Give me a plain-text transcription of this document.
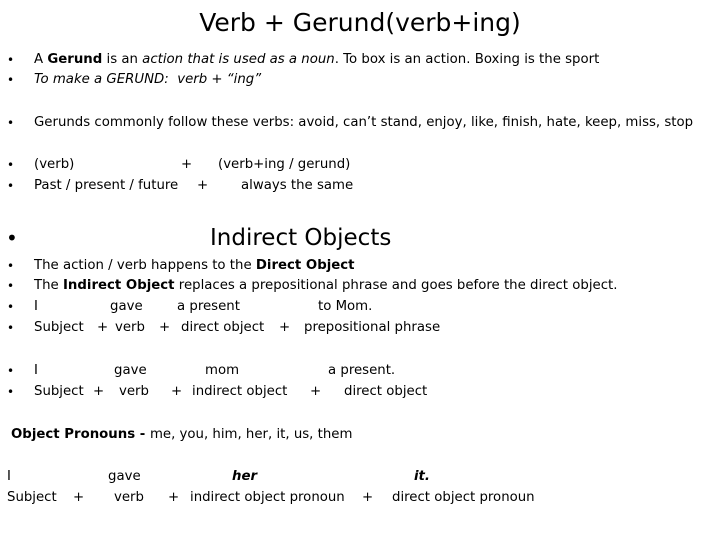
Verb + Gerund(verb+ing)
•
•
•
•
•
•
•
•
•
•
•
•
A Gerund is an action that is used as a noun. To box is an action. Boxing is the sport
To make a GERUND:  verb + “ing”
Gerunds commonly follow these verbs: avoid, can’t stand, enjoy, like, finish, hate, keep, miss, stop
(verb)	+ (verb+ing / gerund)
Past / present / future + always the same
Indirect Objects
The action / verb happens to the Direct Object
The Indirect Object replaces a prepositional phrase and goes before the direct object.
I	gave	a present	to Mom.
Subject + verb + direct object + prepositional phrase
I	gave	mom	a present.
Subject + verb + indirect object + direct object
Object Pronouns - me, you, him, her, it, us, them
I	gave	her	it.
Subject + verb + indirect object pronoun + direct object pronoun
